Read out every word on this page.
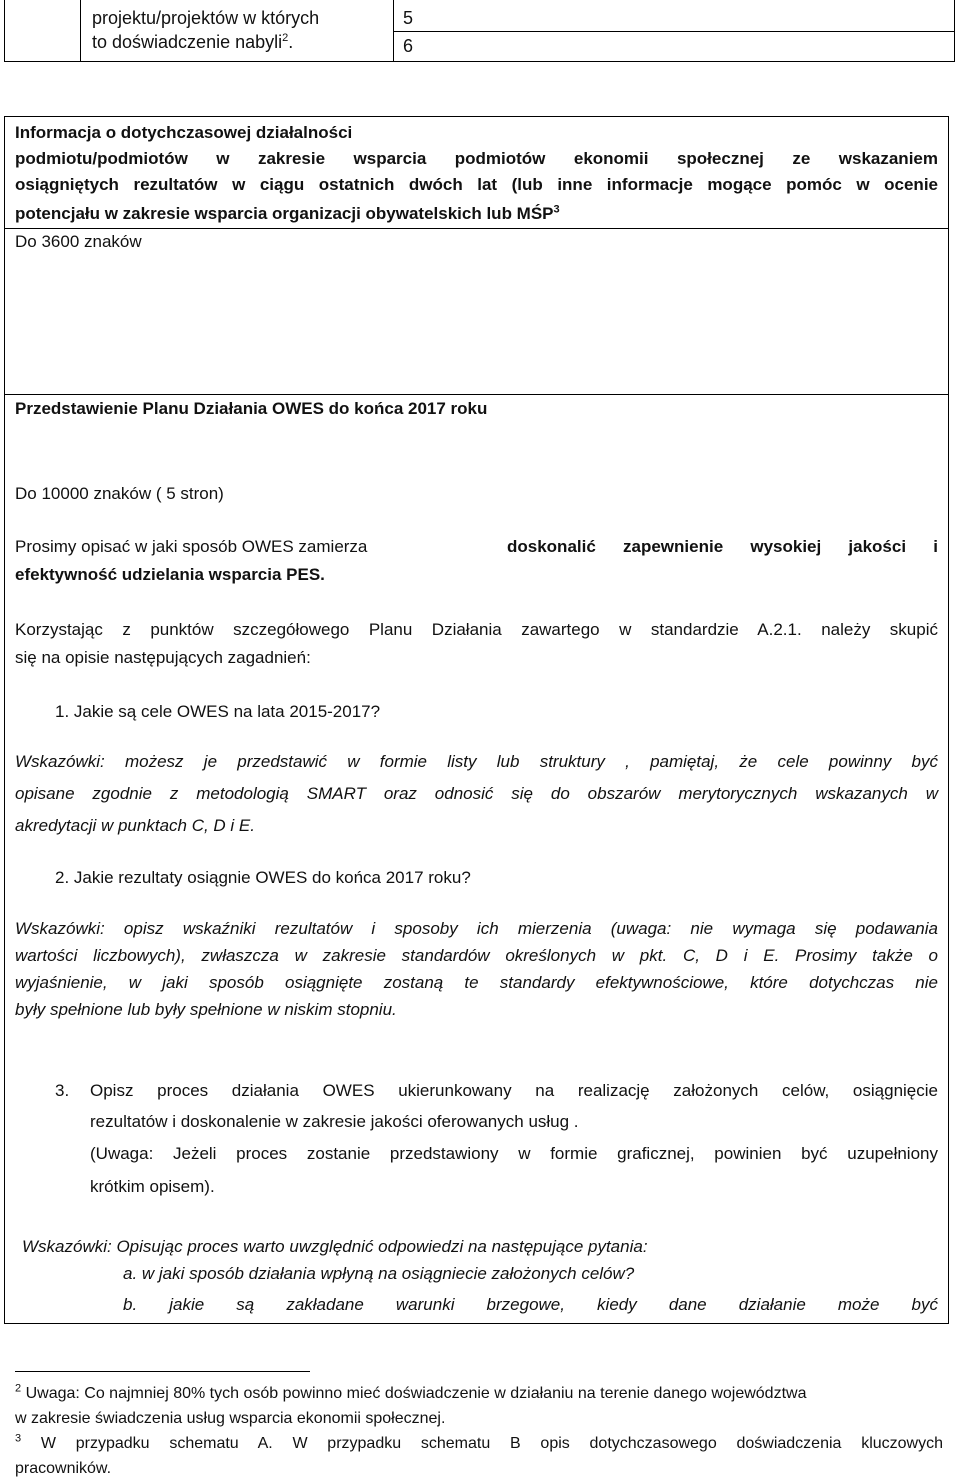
projektu/projektów w których
to doświadczenie nabyli$^2$.
5
6
Informacja o dotychczasowej działalności
podmiotu/podmiotów w zakresie wsparcia podmiotów ekonomii społecznej ze wskazaniem
osiągniętych rezultatów w ciągu ostatnich dwóch lat (lub inne informacje mogące pomóc w ocenie
potencjału w zakresie wsparcia organizacji obywatelskich lub MŚP$^3$
Do 3600 znaków
Przedstawienie Planu Działania OWES do końca 2017 roku
Do 10000 znaków ( 5 stron)
Prosimy opisać w jaki sposób OWES zamierza	doskonalić zapewnienie wysokiej jakości i
efektywność udzielania wsparcia PES.
Korzystając z punktów szczegółowego Planu Działania zawartego w standardzie A.2.1. należy skupić
się na opisie następujących zagadnień:
1. Jakie są cele OWES na lata 2015-2017?
Wskazówki: możesz je przedstawić w formie listy lub struktury , pamiętaj, że cele powinny być
opisane zgodnie z metodologią SMART oraz odnosić się do obszarów merytorycznych wskazanych w
akredytacji w punktach C, D i E.
2. Jakie rezultaty osiągnie OWES do końca 2017 roku?
Wskazówki: opisz wskaźniki rezultatów i sposoby ich mierzenia (uwaga: nie wymaga się podawania
wartości liczbowych), zwłaszcza w zakresie standardów określonych w pkt. C, D i E. Prosimy także o
wyjaśnienie, w jaki sposób osiągnięte zostaną te standardy efektywnościowe, które dotychczas nie
były spełnione lub były spełnione w niskim stopniu.
3. Opisz proces działania OWES ukierunkowany na realizację założonych celów, osiągnięcie
rezultatów i doskonalenie w zakresie jakości oferowanych usług .
(Uwaga: Jeżeli proces zostanie przedstawiony w formie graficznej, powinien być uzupełniony
krótkim opisem).
Wskazówki: Opisując proces warto uwzględnić odpowiedzi na następujące pytania:
a. w jaki sposób działania wpłyną na osiągniecie założonych celów?
b. jakie są zakładane warunki brzegowe, kiedy dane działanie może być
$^2$ Uwaga: Co najmniej 80% tych osób powinno mieć doświadczenie w działaniu na terenie danego województwa
w zakresie świadczenia usług wsparcia ekonomii społecznej.
$^3$ W przypadku schematu A. W przypadku schematu B opis dotychczasowego doświadczenia kluczowych
pracowników.
